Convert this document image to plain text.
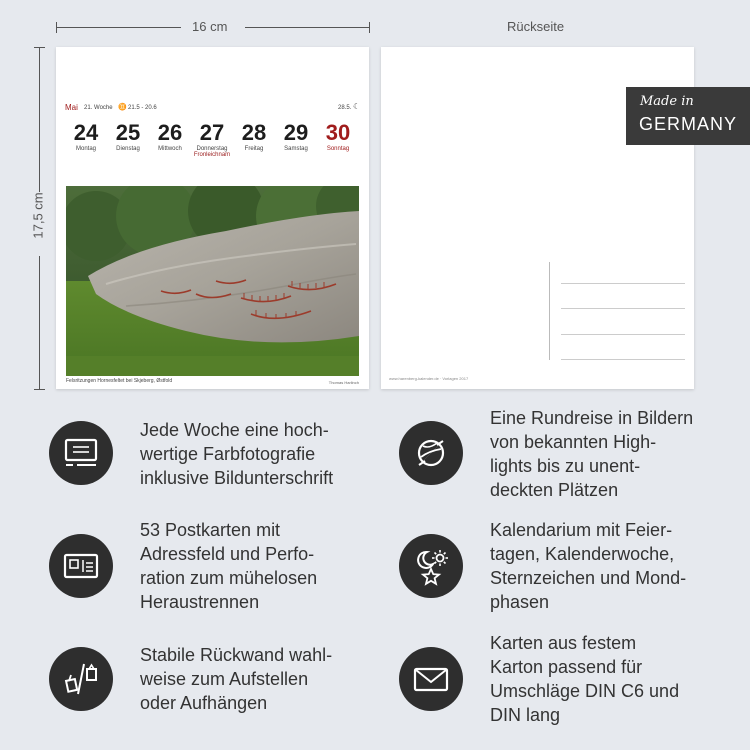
16 cm
17,5 cm
Rückseite
Mai 21. Woche ♊ 21.5 - 20.6	28.5. ☾
24
Montag
25
Dienstag
26
Mittwoch
27
Donnerstag
Fronleichnam
28
Freitag
29
Samstag
30
Sonntag
Felsritzungen Hornesfeltet bei Skjeberg, Østfold	Thomas Harlinch
www.harenberg-kalender.de · Vorlagen 2017
Made in
GERMANY
Jede Woche eine hoch-
wertige Farbfotografie
inklusive Bildunterschrift
Eine Rundreise in Bildern
von bekannten High-
lights bis zu unent-
deckten Plätzen
53 Postkarten mit
Adressfeld und Perfo-
ration zum mühelosen
Heraustrennen
Kalendarium mit Feier-
tagen, Kalenderwoche,
Sternzeichen und Mond-
phasen
Stabile Rückwand wahl-
weise zum Aufstellen
oder Aufhängen
Karten aus festem
Karton passend für
Umschläge DIN C6 und
DIN lang
